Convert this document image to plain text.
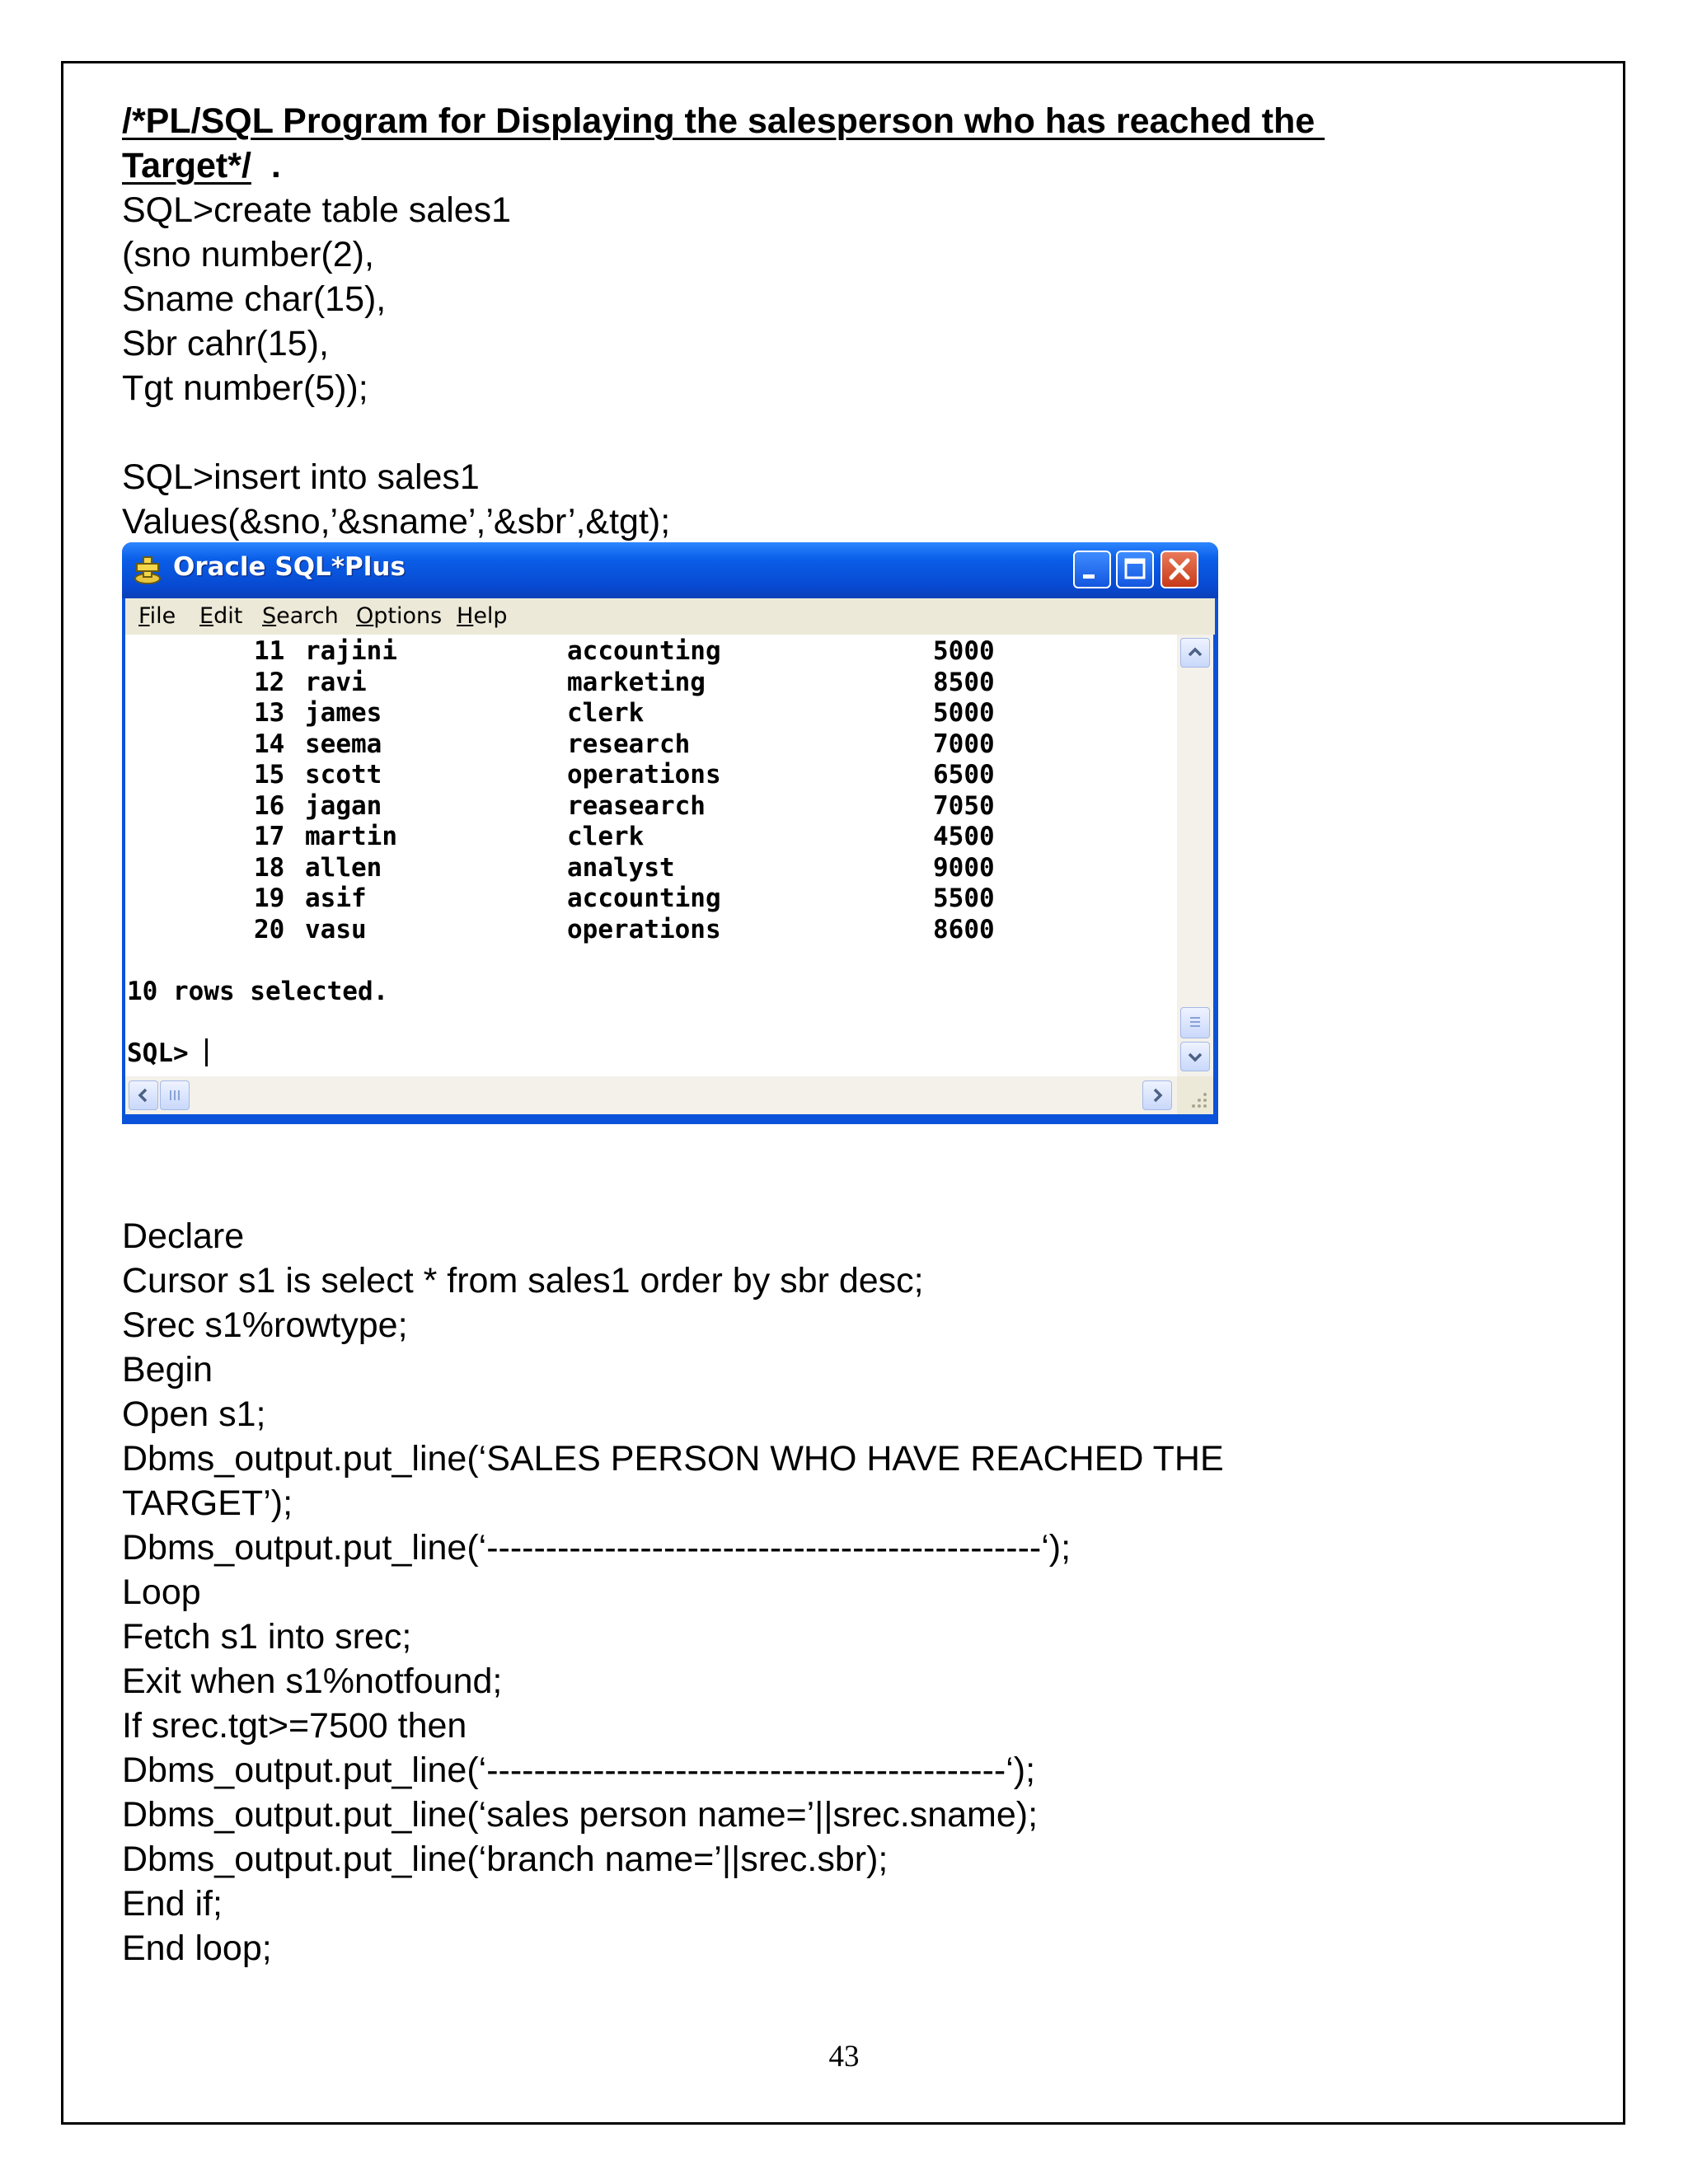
/*PL/SQL Program for Displaying the salesperson who has reached the
Target*/ .
SQL>create table sales1
(sno number(2),
Sname char(15),
Sbr cahr(15),
Tgt number(5));
SQL>insert into sales1
Values(&sno,’&sname’,’&sbr’,&tgt);
Oracle SQL*Plus
File Edit Search Options Help
11 rajini	accounting	5000
12 ravi	marketing	8500
13 james	clerk	5000
14 seema	research	7000
15 scott	operations	6500
16 jagan	reasearch	7050
17 martin	clerk	4500
18 allen	analyst	9000
19 asif	accounting	5500
20 vasu	operations	8600
10 rows selected.
SQL>
Declare
Cursor s1 is select * from sales1 order by sbr desc;
Srec s1%rowtype;
Begin
Open s1;
Dbms_output.put_line(‘SALES PERSON WHO HAVE REACHED THE
TARGET’);
Dbms_output.put_line(‘-----------------------------------------------‘);
Loop
Fetch s1 into srec;
Exit when s1%notfound;
If srec.tgt>=7500 then
Dbms_output.put_line(‘--------------------------------------------‘);
Dbms_output.put_line(‘sales person name=’||srec.sname);
Dbms_output.put_line(‘branch name=’||srec.sbr);
End if;
End loop;
43
